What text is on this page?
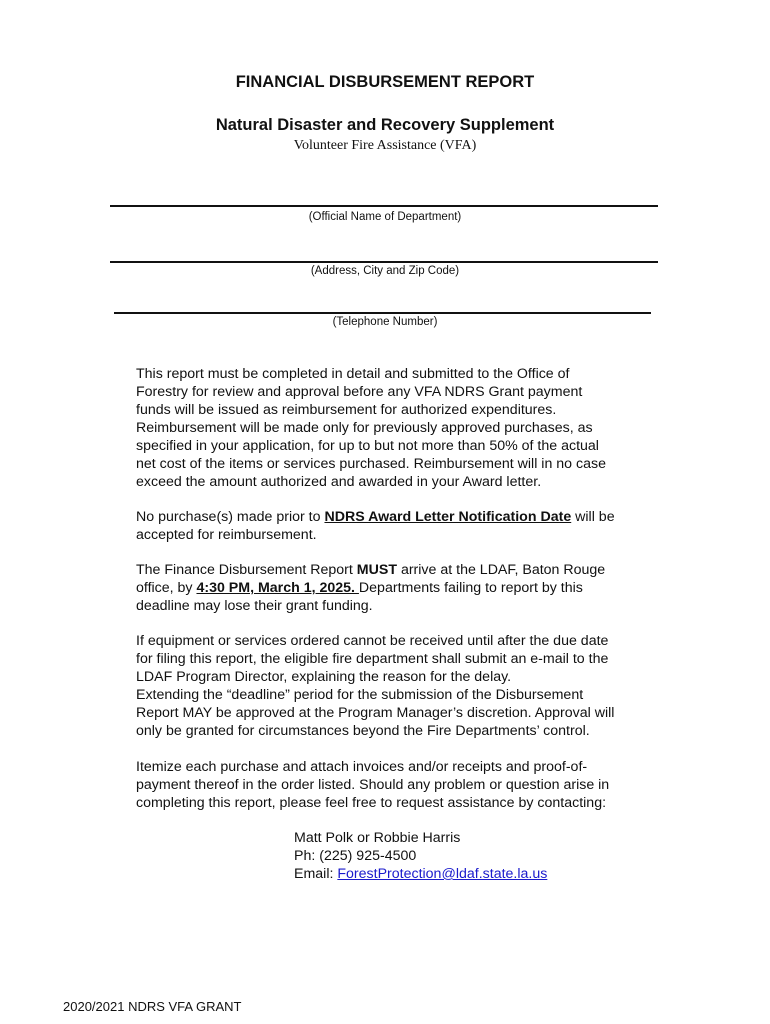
FINANCIAL DISBURSEMENT REPORT
Natural Disaster and Recovery Supplement
Volunteer Fire Assistance (VFA)
(Official Name of Department)
(Address, City and Zip Code)
(Telephone Number)

This report must be completed in detail and submitted to the Office of

Forestry for review and approval before any VFA NDRS Grant payment

funds will be issued as reimbursement for authorized expenditures.

Reimbursement will be made only for previously approved purchases, as

specified in your application, for up to but not more than 50% of the actual

net cost of the items or services purchased. Reimbursement will in no case

exceed the amount authorized and awarded in your Award letter.

No purchase(s) made prior to NDRS Award Letter Notification Date will be

accepted for reimbursement.

The Finance Disbursement Report MUST arrive at the LDAF, Baton Rouge

office, by 4:30 PM, March 1, 2025. Departments failing to report by this

deadline may lose their grant funding.

If equipment or services ordered cannot be received until after the due date

for filing this report, the eligible fire department shall submit an e-mail to the

LDAF Program Director, explaining the reason for the delay.

Extending the “deadline” period for the submission of the Disbursement

Report MAY be approved at the Program Manager’s discretion. Approval will

only be granted for circumstances beyond the Fire Departments’ control.

Itemize each purchase and attach invoices and/or receipts and proof-of-

payment thereof in the order listed. Should any problem or question arise in

completing this report, please feel free to request assistance by contacting:

Matt Polk or Robbie Harris
Ph: (225) 925-4500
Email: ForestProtection@ldaf.state.la.us
2020/2021 NDRS VFA GRANT
